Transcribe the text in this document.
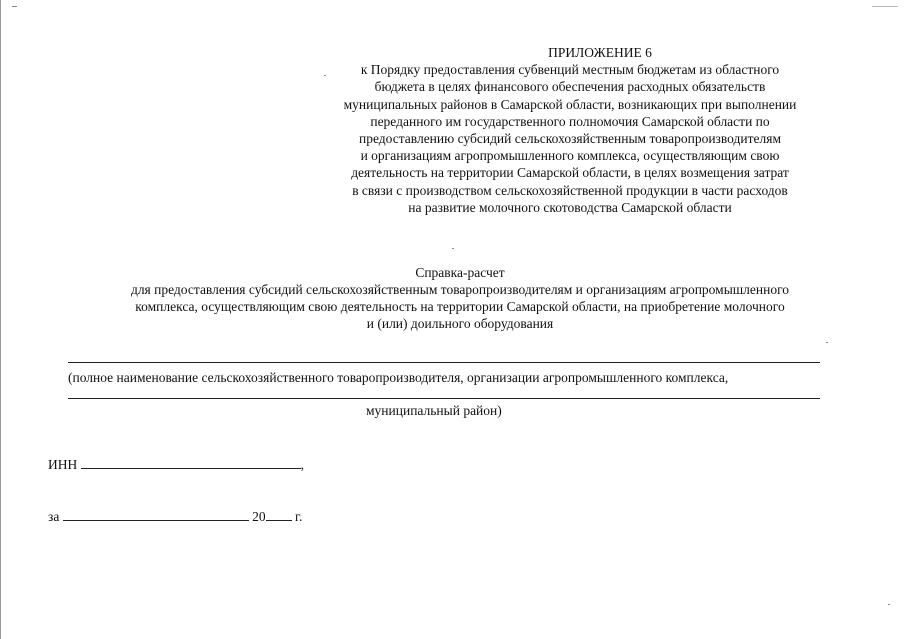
ПРИЛОЖЕНИЕ 6
к Порядку предоставления субвенций местным бюджетам из областного
бюджета в целях финансового обеспечения расходных обязательств
муниципальных районов в Самарской области, возникающих при выполнении
переданного им государственного полномочия Самарской области по
предоставлению субсидий сельскохозяйственным товаропроизводителям
и организациям агропромышленного комплекса, осуществляющим свою
деятельность на территории Самарской области, в целях возмещения затрат
в связи с производством сельскохозяйственной продукции в части расходов
на развитие молочного скотоводства Самарской области
Справка-расчет
для предоставления субсидий сельскохозяйственным товаропроизводителям и организациям агропромышленного
комплекса, осуществляющим свою деятельность на территории Самарской области, на приобретение молочного
и (или) доильного оборудования
(полное наименование сельскохозяйственного товаропроизводителя, организации агропромышленного комплекса,
муниципальный район)
ИНН	,
за	20 г.
